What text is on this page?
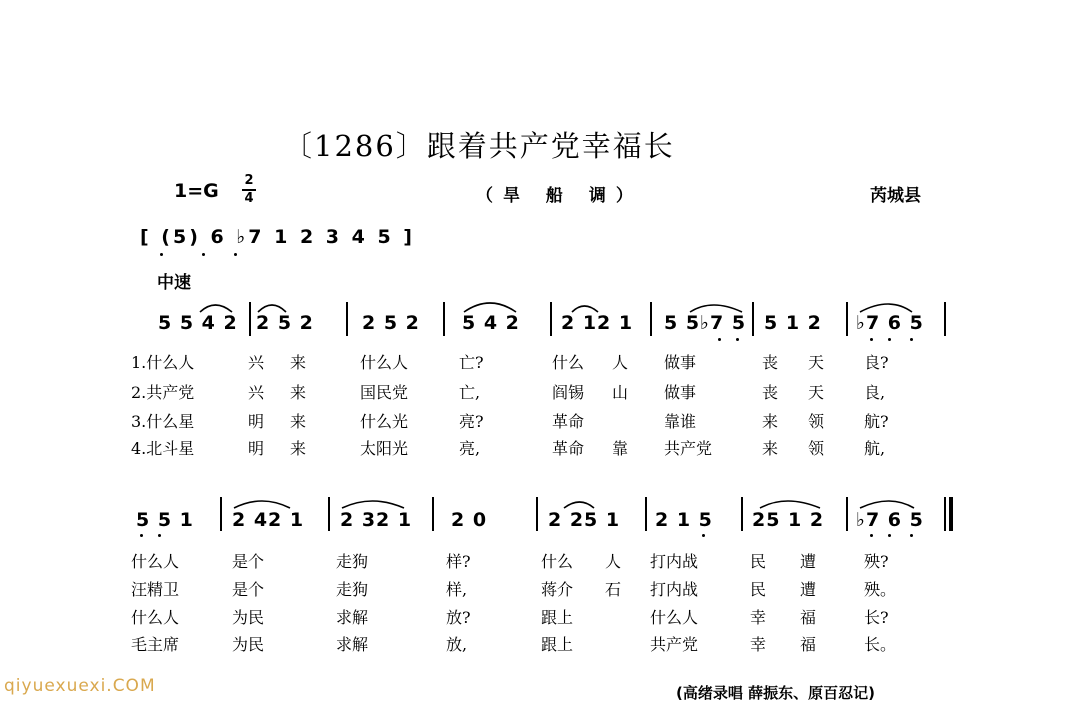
〔1286〕跟着共产党幸福长
1=G 2
4	（旱 船 调）	芮城县
[ (5) 6 ♭7 1 2 3 4 5 ]
中速
5 5 4 2 2 5 2	2 5 2 5 4 2 2 12 1 5 5♭7 5 5 1 2 ♭7 6 5
1.什么人	兴 来	什么人	亡?	什么 人 做事	丧 天 良?
2.共产党	兴 来	国民党	亡,	阎锡 山 做事	丧 天 良,
3.什么星	明 来	什么光	亮?	革命	靠谁	来 领 航?
4.北斗星	明 来	太阳光	亮,	革命 靠 共产党	来 领 航,
5 5 1 2 42 1 2 32 1 2 0	2 25 1 2 1 5 25 1 2 ♭7 6 5
什么人	是个	走狗	样?	什么 人 打内战	民 遭	殃?
汪精卫	是个	走狗	样,	蒋介 石 打内战	民 遭	殃。
什么人	为民	求解	放?	跟上	什么人	幸 福	长?
毛主席	为民	求解	放,	跟上	共产党	幸 福	长。
(高绪录唱 薛振东、原百忍记)
qiyuexuexi.COM
